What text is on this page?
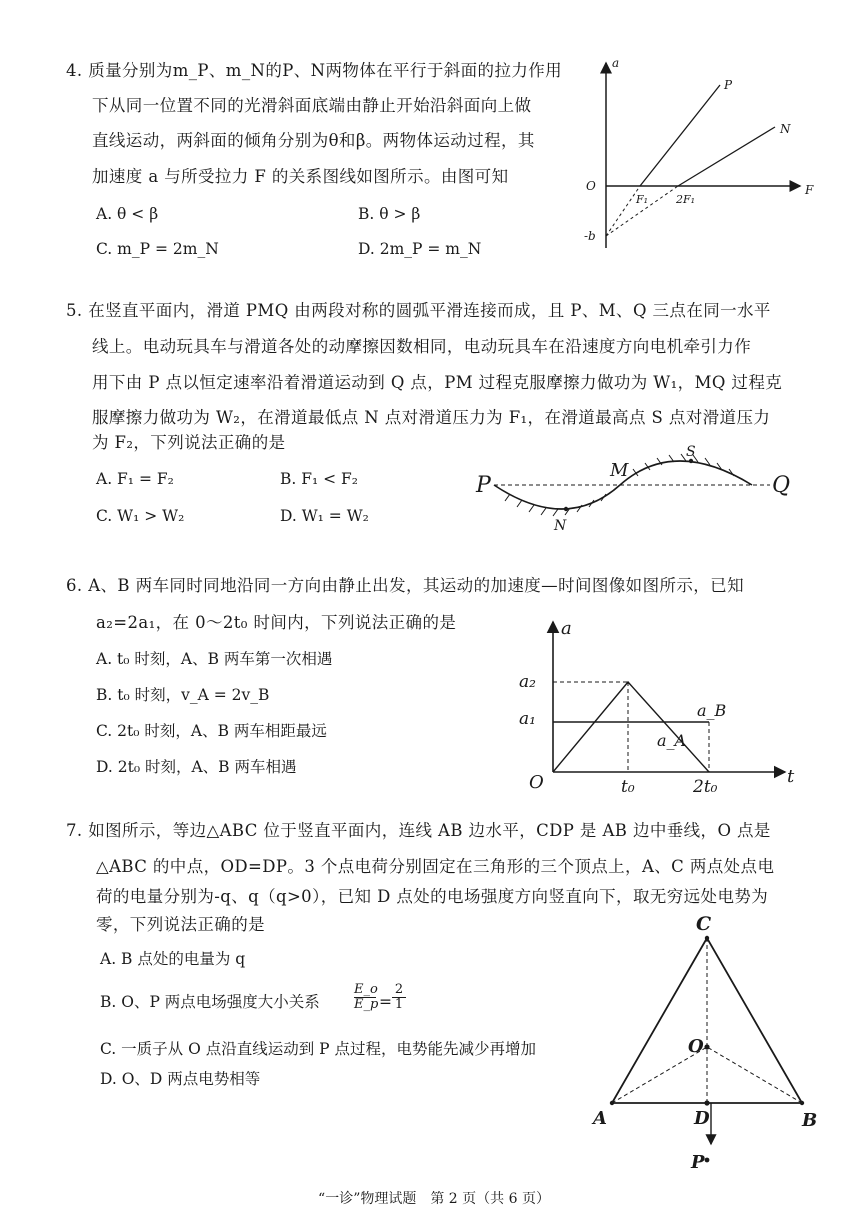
4. 质量分别为m_P、m_N的P、N两物体在平行于斜面的拉力作用
下从同一位置不同的光滑斜面底端由静止开始沿斜面向上做
直线运动，两斜面的倾角分别为θ和β。两物体运动过程，其
加速度 a 与所受拉力 F 的关系图线如图所示。由图可知
A. θ < β	B. θ > β
C. m_P = 2m_N	D. 2m_P = m_N
a
F
O
-b
P
N
F₁	2F₁
5. 在竖直平面内，滑道 PMQ 由两段对称的圆弧平滑连接而成，且 P、M、Q 三点在同一水平
线上。电动玩具车与滑道各处的动摩擦因数相同，电动玩具车在沿速度方向电机牵引力作
用下由 P 点以恒定速率沿着滑道运动到 Q 点，PM 过程克服摩擦力做功为 W₁，MQ 过程克
服摩擦力做功为 W₂，在滑道最低点 N 点对滑道压力为 F₁，在滑道最高点 S 点对滑道压力
为 F₂，下列说法正确的是
A. F₁ = F₂	B. F₁ < F₂
C. W₁ > W₂	D. W₁ = W₂
P
M
S
Q
N
6. A、B 两车同时同地沿同一方向由静止出发，其运动的加速度—时间图像如图所示，已知
a₂=2a₁，在 0～2t₀ 时间内，下列说法正确的是
A. t₀ 时刻，A、B 两车第一次相遇
B. t₀ 时刻，v_A = 2v_B
C. 2t₀ 时刻，A、B 两车相距最远
D. 2t₀ 时刻，A、B 两车相遇
a
t
O
a₂
a₁	a_B
a_A
t₀	2t₀
7. 如图所示，等边△ABC 位于竖直平面内，连线 AB 边水平，CDP 是 AB 边中垂线，O 点是
△ABC 的中点，OD=DP。3 个点电荷分别固定在三角形的三个顶点上，A、C 两点处点电
荷的电量分别为-q、q（q>0），已知 D 点处的电场强度方向竖直向下，取无穷远处电势为
零，下列说法正确的是
A. B 点处的电量为 q
B. O、P 两点电场强度大小关系	$\frac{E\_o}{E\_p} = \frac{2}{1}$
C. 一质子从 O 点沿直线运动到 P 点过程，电势能先减少再增加
D. O、D 两点电势相等
C
O
A	D	B
P
“一诊”物理试题　第 2 页（共 6 页）
